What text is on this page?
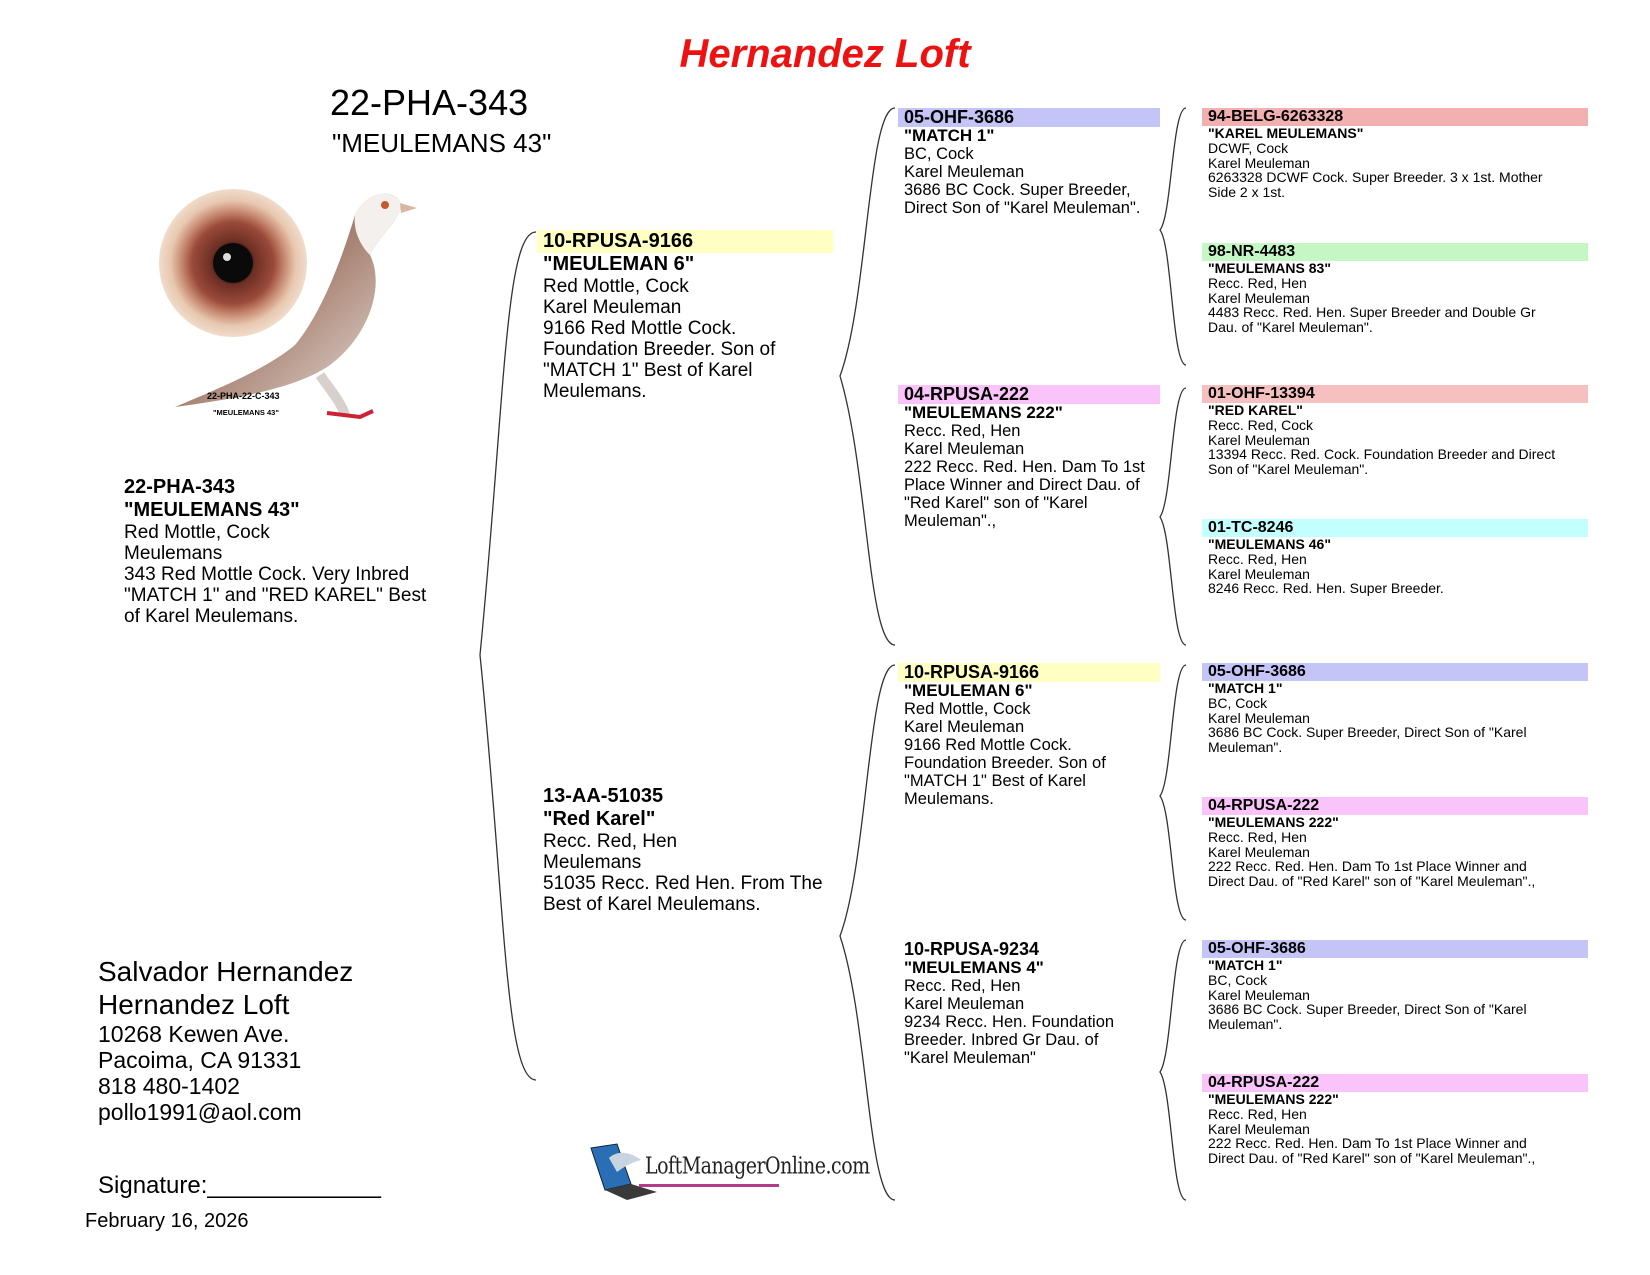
Hernandez Loft
22-PHA-343
"MEULEMANS 43"
22-PHA-22-C-343
"MEULEMANS 43"
22-PHA-343
"MEULEMANS 43"
Red Mottle, Cock
Meulemans
343 Red Mottle Cock. Very Inbred
"MATCH 1" and "RED KAREL" Best
of Karel Meulemans.
10-RPUSA-9166
"MEULEMAN 6"
Red Mottle, Cock
Karel Meuleman
9166 Red Mottle Cock.
Foundation Breeder. Son of
"MATCH 1" Best of Karel
Meulemans.
13-AA-51035
"Red Karel"
Recc. Red, Hen
Meulemans
51035 Recc. Red Hen. From The
Best of Karel Meulemans.
05-OHF-3686
"MATCH 1"
BC, Cock
Karel Meuleman
3686 BC Cock. Super Breeder,
Direct Son of "Karel Meuleman".
04-RPUSA-222
"MEULEMANS 222"
Recc. Red, Hen
Karel Meuleman
222 Recc. Red. Hen. Dam To 1st
Place Winner and Direct Dau. of
"Red Karel" son of "Karel
Meuleman".,
10-RPUSA-9166
"MEULEMAN 6"
Red Mottle, Cock
Karel Meuleman
9166 Red Mottle Cock.
Foundation Breeder. Son of
"MATCH 1" Best of Karel
Meulemans.
10-RPUSA-9234
"MEULEMANS 4"
Recc. Red, Hen
Karel Meuleman
9234 Recc. Hen. Foundation
Breeder. Inbred Gr Dau. of
"Karel Meuleman"
94-BELG-6263328
"KAREL MEULEMANS"
DCWF, Cock
Karel Meuleman
6263328 DCWF Cock. Super Breeder. 3 x 1st. Mother
Side 2 x 1st.
98-NR-4483
"MEULEMANS 83"
Recc. Red, Hen
Karel Meuleman
4483 Recc. Red. Hen. Super Breeder and Double Gr
Dau. of "Karel Meuleman".
01-OHF-13394
"RED KAREL"
Recc. Red, Cock
Karel Meuleman
13394 Recc. Red. Cock. Foundation Breeder and Direct
Son of "Karel Meuleman".
01-TC-8246
"MEULEMANS 46"
Recc. Red, Hen
Karel Meuleman
8246 Recc. Red. Hen. Super Breeder.
05-OHF-3686
"MATCH 1"
BC, Cock
Karel Meuleman
3686 BC Cock. Super Breeder, Direct Son of "Karel
Meuleman".
04-RPUSA-222
"MEULEMANS 222"
Recc. Red, Hen
Karel Meuleman
222 Recc. Red. Hen. Dam To 1st Place Winner and
Direct Dau. of "Red Karel" son of "Karel Meuleman".,
05-OHF-3686
"MATCH 1"
BC, Cock
Karel Meuleman
3686 BC Cock. Super Breeder, Direct Son of "Karel
Meuleman".
04-RPUSA-222
"MEULEMANS 222"
Recc. Red, Hen
Karel Meuleman
222 Recc. Red. Hen. Dam To 1st Place Winner and
Direct Dau. of "Red Karel" son of "Karel Meuleman".,
Salvador Hernandez
Hernandez Loft
10268 Kewen Ave.
Pacoima, CA 91331
818 480-1402
pollo1991@aol.com
Signature:_____________
February 16, 2026
LoftManagerOnline.com
